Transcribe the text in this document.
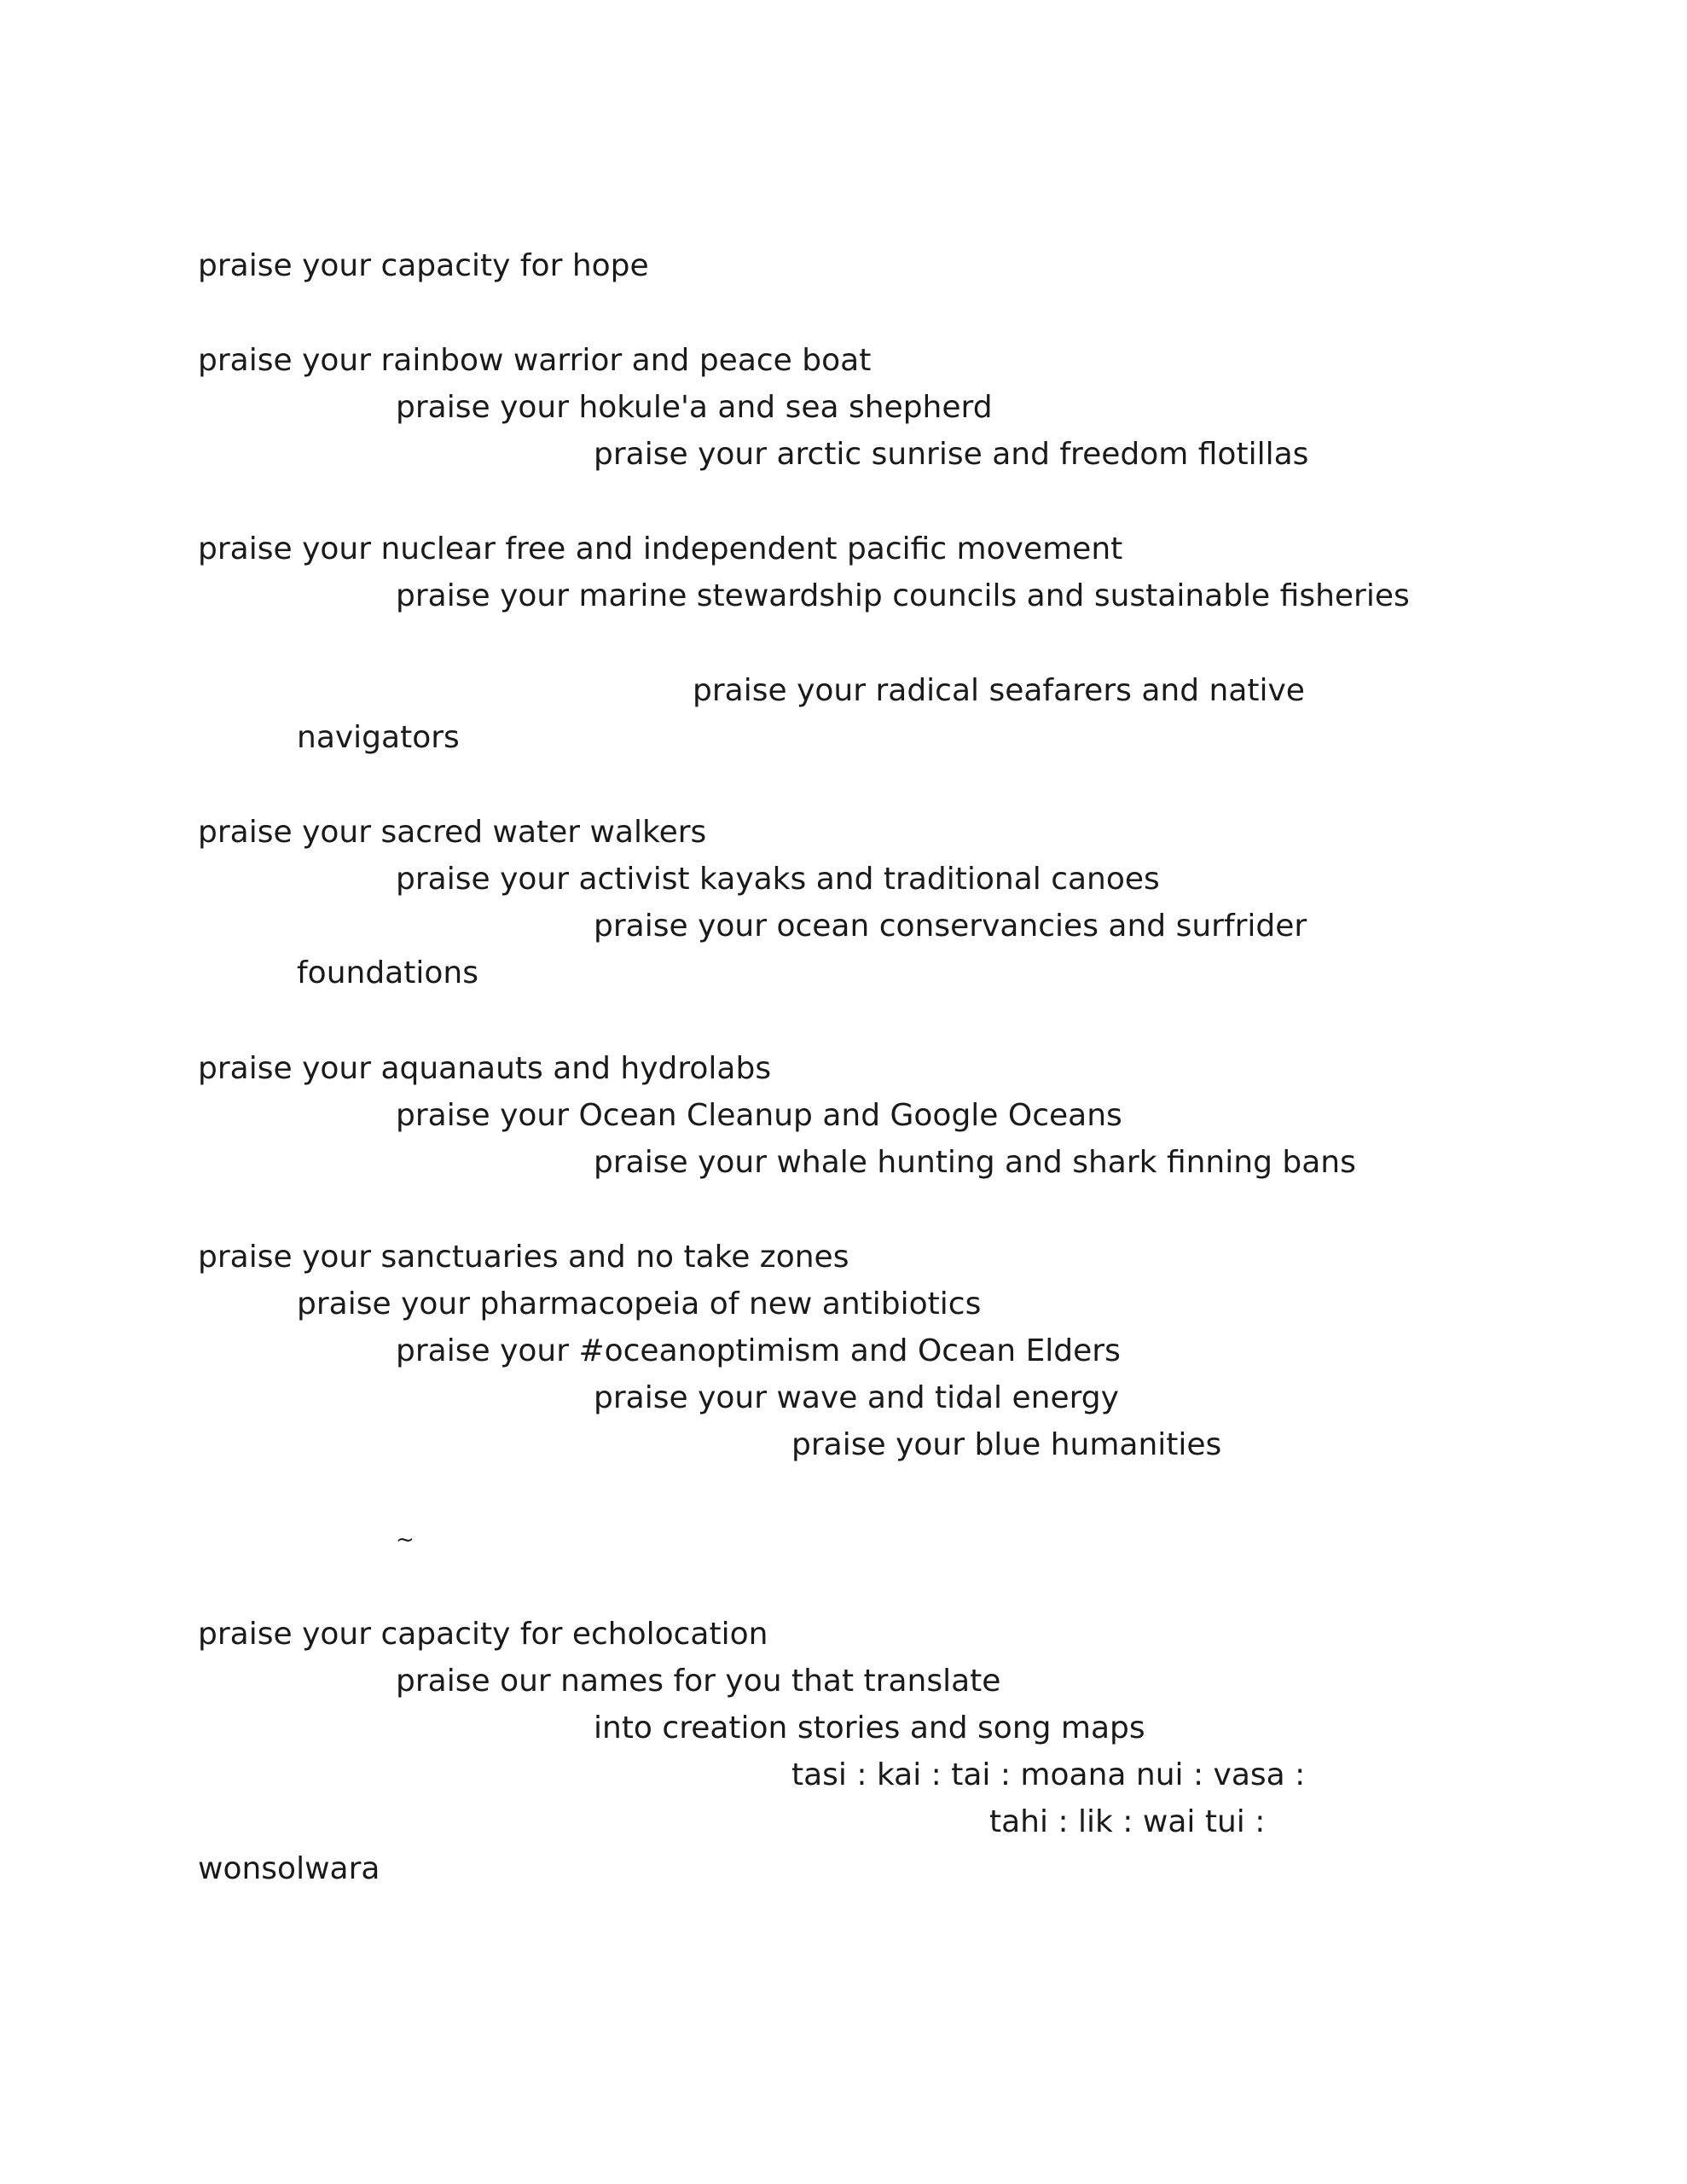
praise your capacity for hope
praise your rainbow warrior and peace boat
praise your hokule'a and sea shepherd
praise your arctic sunrise and freedom flotillas
praise your nuclear free and independent pacific movement
praise your marine stewardship councils and sustainable fisheries
praise your radical seafarers and native
navigators
praise your sacred water walkers
praise your activist kayaks and traditional canoes
praise your ocean conservancies and surfrider
foundations
praise your aquanauts and hydrolabs
praise your Ocean Cleanup and Google Oceans
praise your whale hunting and shark finning bans
praise your sanctuaries and no take zones
praise your pharmacopeia of new antibiotics
praise your #oceanoptimism and Ocean Elders
praise your wave and tidal energy
praise your blue humanities
~
praise your capacity for echolocation
praise our names for you that translate
into creation stories and song maps
tasi : kai : tai : moana nui : vasa :
tahi : lik : wai tui :
wonsolwara
